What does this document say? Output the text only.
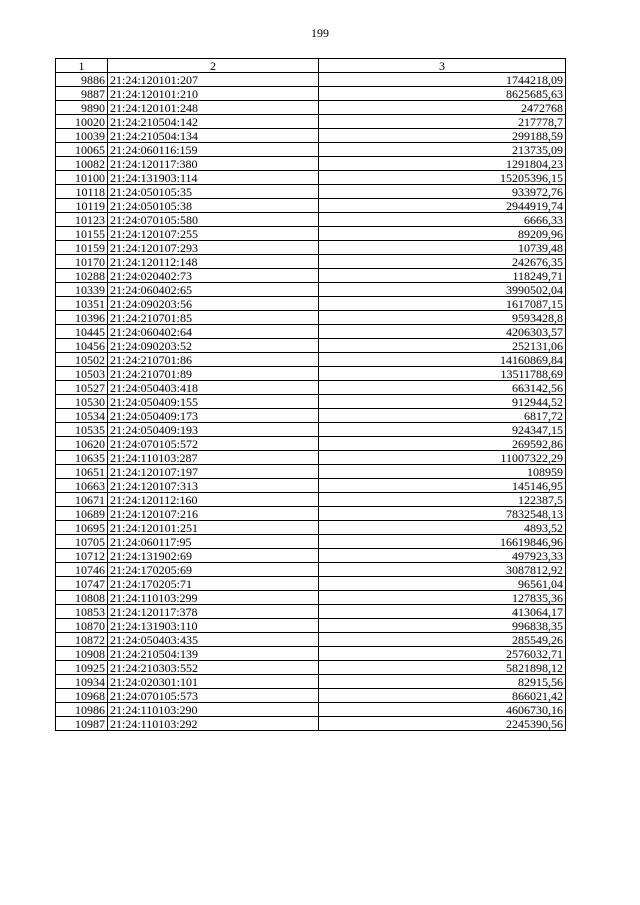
199
1	2	3
9886	21:24:120101:207	1744218,09
9887	21:24:120101:210	8625685,63
9890	21:24:120101:248	2472768
10020	21:24:210504:142	217778,7
10039	21:24:210504:134	299188,59
10065	21:24:060116:159	213735,09
10082	21:24:120117:380	1291804,23
10100	21:24:131903:114	15205396,15
10118	21:24:050105:35	933972,76
10119	21:24:050105:38	2944919,74
10123	21:24:070105:580	6666,33
10155	21:24:120107:255	89209,96
10159	21:24:120107:293	10739,48
10170	21:24:120112:148	242676,35
10288	21:24:020402:73	118249,71
10339	21:24:060402:65	3990502,04
10351	21:24:090203:56	1617087,15
10396	21:24:210701:85	9593428,8
10445	21:24:060402:64	4206303,57
10456	21:24:090203:52	252131,06
10502	21:24:210701:86	14160869,84
10503	21:24:210701:89	13511788,69
10527	21:24:050403:418	663142,56
10530	21:24:050409:155	912944,52
10534	21:24:050409:173	6817,72
10535	21:24:050409:193	924347,15
10620	21:24:070105:572	269592,86
10635	21:24:110103:287	11007322,29
10651	21:24:120107:197	108959
10663	21:24:120107:313	145146,95
10671	21:24:120112:160	122387,5
10689	21:24:120107:216	7832548,13
10695	21:24:120101:251	4893,52
10705	21:24:060117:95	16619846,96
10712	21:24:131902:69	497923,33
10746	21:24:170205:69	3087812,92
10747	21:24:170205:71	96561,04
10808	21:24:110103:299	127835,36
10853	21:24:120117:378	413064,17
10870	21:24:131903:110	996838,35
10872	21:24:050403:435	285549,26
10908	21:24:210504:139	2576032,71
10925	21:24:210303:552	5821898,12
10934	21:24:020301:101	82915,56
10968	21:24:070105:573	866021,42
10986	21:24:110103:290	4606730,16
10987	21:24:110103:292	2245390,56
